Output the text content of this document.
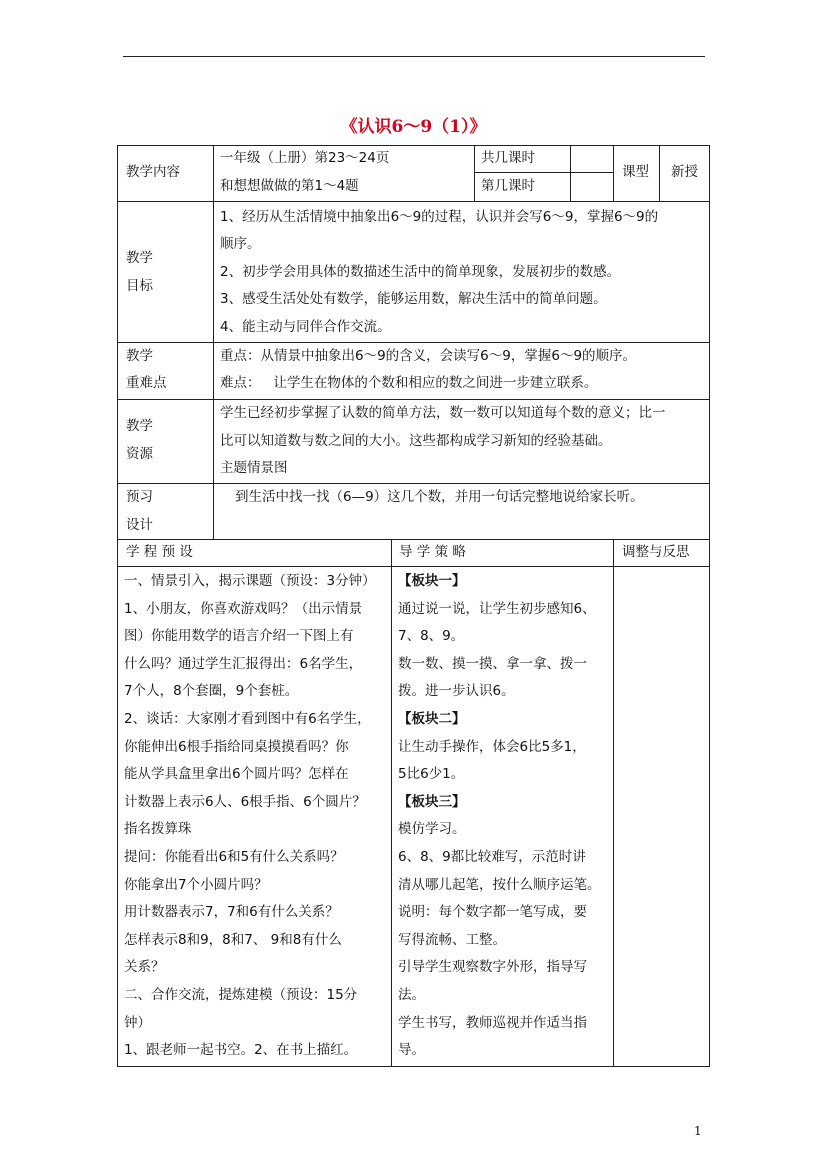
《认识6～9（1）》
教学内容
一年级（上册）第23～24页
和想想做做的第1～4题
共几课时
第几课时
课型 新授
教学
目标
1、经历从生活情境中抽象出6～9的过程，认识并会写6～9，掌握6～9的
顺序。
2、初步学会用具体的数描述生活中的简单现象，发展初步的数感。
3、感受生活处处有数学，能够运用数，解决生活中的简单问题。
4、能主动与同伴合作交流。
教学
重难点
重点：从情景中抽象出6～9的含义，会读写6～9，掌握6～9的顺序。
难点：   让学生在物体的个数和相应的数之间进一步建立联系。
教学
资源
学生已经初步掌握了认数的简单方法，数一数可以知道每个数的意义；比一
比可以知道数与数之间的大小。这些都构成学习新知的经验基础。
主题情景图
预习
设计
到生活中找一找（6—9）这几个数，并用一句话完整地说给家长听。
学 程 预 设	导 学 策 略	调整与反思
一、情景引入，揭示课题（预设：3分钟）
1、小朋友，你喜欢游戏吗？（出示情景
图）你能用数学的语言介绍一下图上有
什么吗？通过学生汇报得出：6名学生，
7个人，8个套圈，9个套桩。
2、谈话：大家刚才看到图中有6名学生，
你能伸出6根手指给同桌摸摸看吗？你
能从学具盒里拿出6个圆片吗？怎样在
计数器上表示6人、6根手指、6个圆片？
指名拨算珠
提问：你能看出6和5有什么关系吗？
你能拿出7个小圆片吗？
用计数器表示7，7和6有什么关系？
怎样表示8和9，8和7、 9和8有什么
关系？
二、合作交流，提炼建模（预设：15分
钟）
1、跟老师一起书空。2、在书上描红。
【板块一】
通过说一说，让学生初步感知6、
7、8、9。
数一数、摸一摸、拿一拿、拨一
拨。进一步认识6。
【板块二】
让生动手操作，体会6比5多1，
5比6少1。
【板块三】
模仿学习。
6、8、9都比较难写，示范时讲
清从哪儿起笔，按什么顺序运笔。
说明：每个数字都一笔写成，要
写得流畅、工整。
引导学生观察数字外形，指导写
法。
学生书写，教师巡视并作适当指
导。
1
